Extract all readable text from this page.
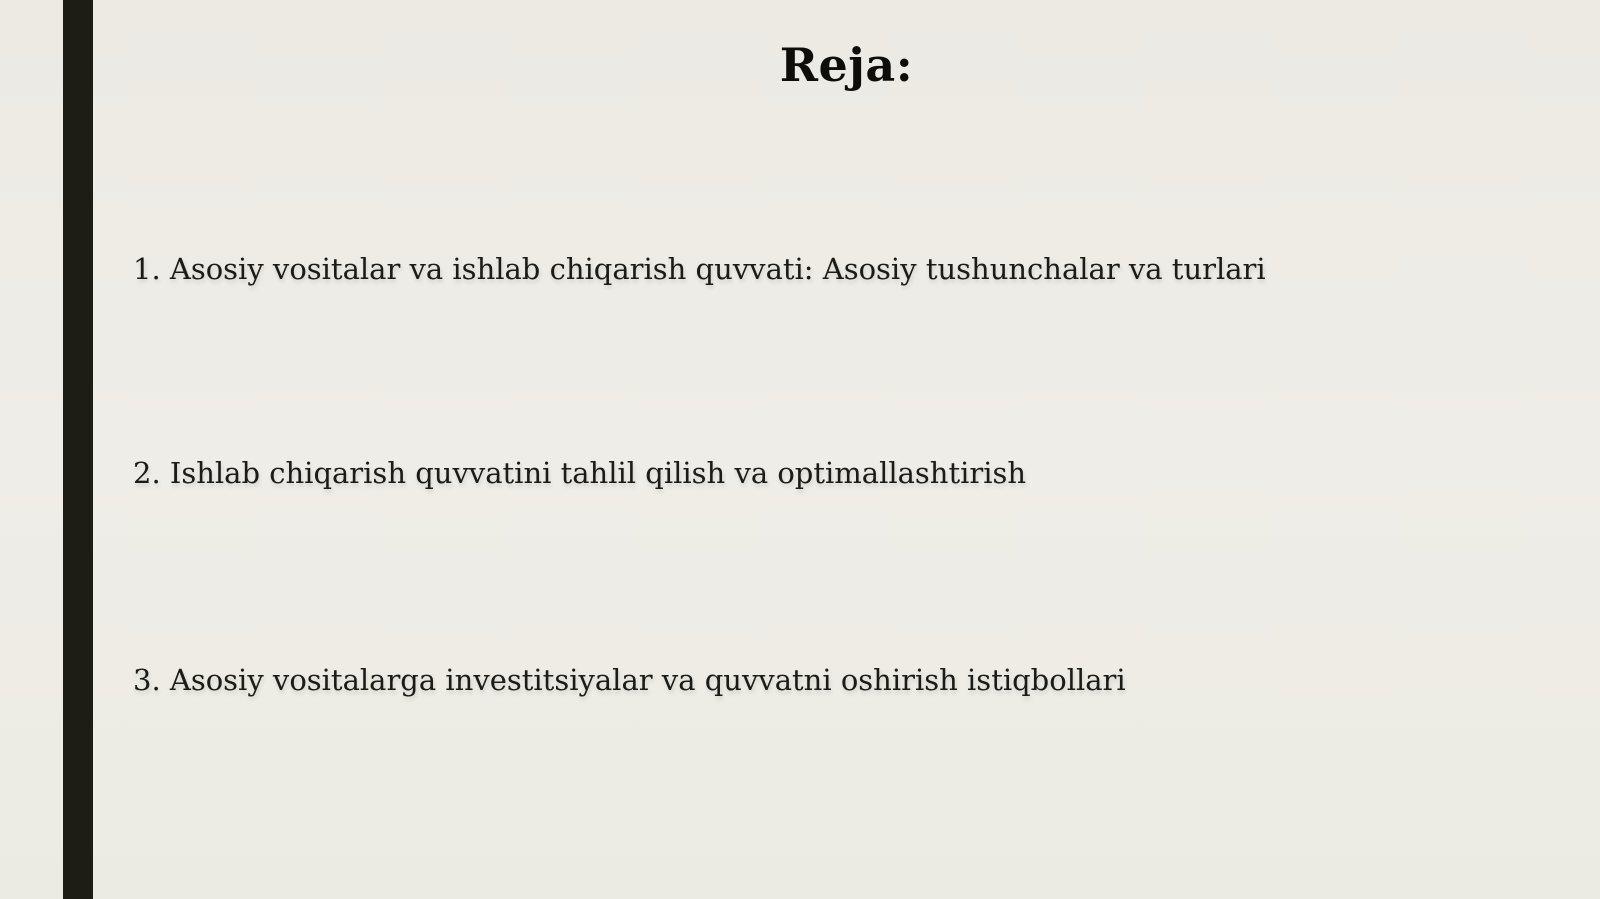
Reja:
1. Asosiy vositalar va ishlab chiqarish quvvati: Asosiy tushunchalar va turlari
2. Ishlab chiqarish quvvatini tahlil qilish va optimallashtirish
3. Asosiy vositalarga investitsiyalar va quvvatni oshirish istiqbollari
